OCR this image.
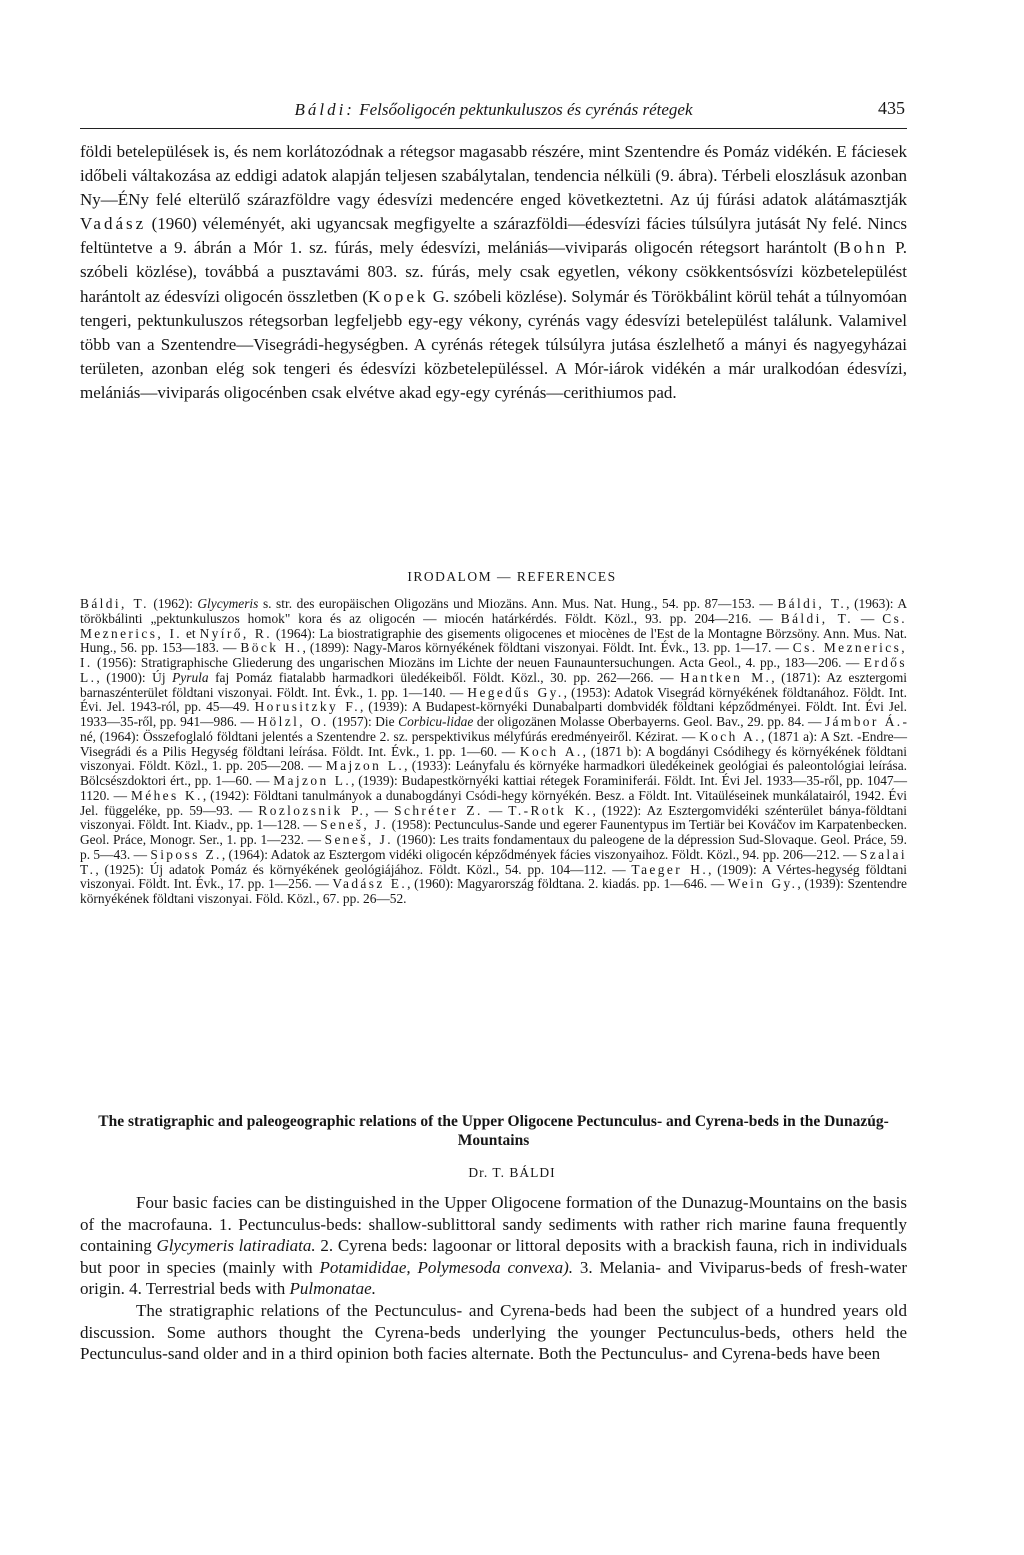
Báldi: Felsőoligocén pektunkuluszos és cyrénás rétegek	435

földi betelepülések is, és nem korlátozódnak a rétegsor magasabb részére, mint Szentendre és Pomáz vidékén. E fáciesek időbeli váltakozása az eddigi adatok alapján teljesen szabálytalan, tendencia nélküli (9. ábra). Térbeli eloszlásuk azonban Ny—ÉNy felé elterülő szárazföldre vagy édesvízi medencére enged következtetni. Az új fúrási adatok alátámasztják Vadász (1960) véleményét, aki ugyancsak megfigyelte a szárazföldi—édesvízi fácies túlsúlyra jutását Ny felé. Nincs feltüntetve a 9. ábrán a Mór 1. sz. fúrás, mely édesvízi, melániás—viviparás oligocén rétegsort harántolt (Bohn P. szóbeli közlése), továbbá a pusztavámi 803. sz. fúrás, mely csak egyetlen, vékony csökkentsósvízi közbetelepülést harántolt az édesvízi oligocén összletben (Kopek G. szóbeli közlése). Solymár és Törökbálint körül tehát a túlnyomóan tengeri, pektunkuluszos rétegsorban legfeljebb egy-egy vékony, cyrénás vagy édesvízi betelepülést találunk. Valamivel több van a Szentendre—Visegrádi-hegységben. A cyrénás rétegek túlsúlyra jutása észlelhető a mányi és nagyegyházai területen, azonban elég sok tengeri és édesvízi közbetelepüléssel. A Mór-iárok vidékén a már uralkodóan édesvízi, melániás—viviparás oligocénben csak elvétve akad egy-egy cyrénás—cerithiumos pad.

IRODALOM — REFERENCES

Báldi, T. (1962): Glycymeris s. str. des europäischen Oligozäns und Miozäns. Ann. Mus. Nat. Hung., 54. pp. 87—153. — Báldi, T., (1963): A törökbálinti „pektunkuluszos homok" kora és az oligocén — miocén határkérdés. Földt. Közl., 93. pp. 204—216. — Báldi, T. — Cs. Meznerics, I. et Nyírő, R. (1964): La biostratigraphie des gisements oligocenes et miocènes de l'Est de la Montagne Börzsöny. Ann. Mus. Nat. Hung., 56. pp. 153—183. — Böck H., (1899): Nagy-Maros környékének földtani viszonyai. Földt. Int. Évk., 13. pp. 1—17. — Cs. Meznerics, I. (1956): Stratigraphische Gliederung des ungarischen Miozäns im Lichte der neuen Faunauntersuchungen. Acta Geol., 4. pp., 183—206. — Erdős L., (1900): Új Pyrula faj Pomáz fiatalabb harmadkori üledékeiből. Földt. Közl., 30. pp. 262—266. — Hantken M., (1871): Az esztergomi barnaszénterület földtani viszonyai. Földt. Int. Évk., 1. pp. 1—140. — Hegedűs Gy., (1953): Adatok Visegrád környékének földtanához. Földt. Int. Évi. Jel. 1943-ról, pp. 45—49. Horusitzky F., (1939): A Budapest-környéki Dunabalparti dombvidék földtani képződményei. Földt. Int. Évi Jel. 1933—35-ről, pp. 941—986. — Hölzl, O. (1957): Die Corbicu-lidae der oligozänen Molasse Oberbayerns. Geol. Bav., 29. pp. 84. — Jámbor Á.-né, (1964): Összefoglaló földtani jelentés a Szentendre 2. sz. perspektivikus mélyfúrás eredményeiről. Kézirat. — Koch A., (1871 a): A Szt. -Endre—Visegrádi és a Pilis Hegység földtani leírása. Földt. Int. Évk., 1. pp. 1—60. — Koch A., (1871 b): A bogdányi Csódihegy és környékének földtani viszonyai. Földt. Közl., 1. pp. 205—208. — Majzon L., (1933): Leányfalu és környéke harmadkori üledékeinek geológiai és paleontológiai leírása. Bölcsészdoktori ért., pp. 1—60. — Majzon L., (1939): Budapestkörnyéki kattiai rétegek Foraminiferái. Földt. Int. Évi Jel. 1933—35-ről, pp. 1047—1120. — Méhes K., (1942): Földtani tanulmányok a dunabogdányi Csódi-hegy környékén. Besz. a Földt. Int. Vitaüléseinek munkálatairól, 1942. Évi Jel. függeléke, pp. 59—93. — Rozlozsnik P., — Schréter Z. — T.-Rotk K., (1922): Az Esztergomvidéki szénterület bánya-földtani viszonyai. Földt. Int. Kiadv., pp. 1—128. — Seneš, J. (1958): Pectunculus-Sande und egerer Faunentypus im Tertiär bei Kováčov im Karpatenbecken. Geol. Práce, Monogr. Ser., 1. pp. 1—232. — Seneš, J. (1960): Les traits fondamentaux du paleogene de la dépression Sud-Slovaque. Geol. Práce, 59. p. 5—43. — Siposs Z., (1964): Adatok az Esztergom vidéki oligocén képződmények fácies viszonyaihoz. Földt. Közl., 94. pp. 206—212. — Szalai T., (1925): Új adatok Pomáz és környékének geológiájához. Földt. Közl., 54. pp. 104—112. — Taeger H., (1909): A Vértes-hegység földtani viszonyai. Földt. Int. Évk., 17. pp. 1—256. — Vadász E., (1960): Magyarország földtana. 2. kiadás. pp. 1—646. — Wein Gy., (1939): Szentendre környékének földtani viszonyai. Föld. Közl., 67. pp. 26—52.

The stratigraphic and paleogeographic relations of the Upper Oligocene Pectunculus- and Cyrena-beds in the Dunazúg-Mountains

Dr. T. BÁLDI

Four basic facies can be distinguished in the Upper Oligocene formation of the Dunazug-Mountains on the basis of the macrofauna. 1. Pectunculus-beds: shallow-sublittoral sandy sediments with rather rich marine fauna frequently containing Glycymeris latiradiata. 2. Cyrena beds: lagoonar or littoral deposits with a brackish fauna, rich in individuals but poor in species (mainly with Potamididae, Polymesoda convexa). 3. Melania- and Viviparus-beds of fresh-water origin. 4. Terrestrial beds with Pulmonatae.
The stratigraphic relations of the Pectunculus- and Cyrena-beds had been the subject of a hundred years old discussion. Some authors thought the Cyrena-beds underlying the younger Pectunculus-beds, others held the Pectunculus-sand older and in a third opinion both facies alternate. Both the Pectunculus- and Cyrena-beds have been
